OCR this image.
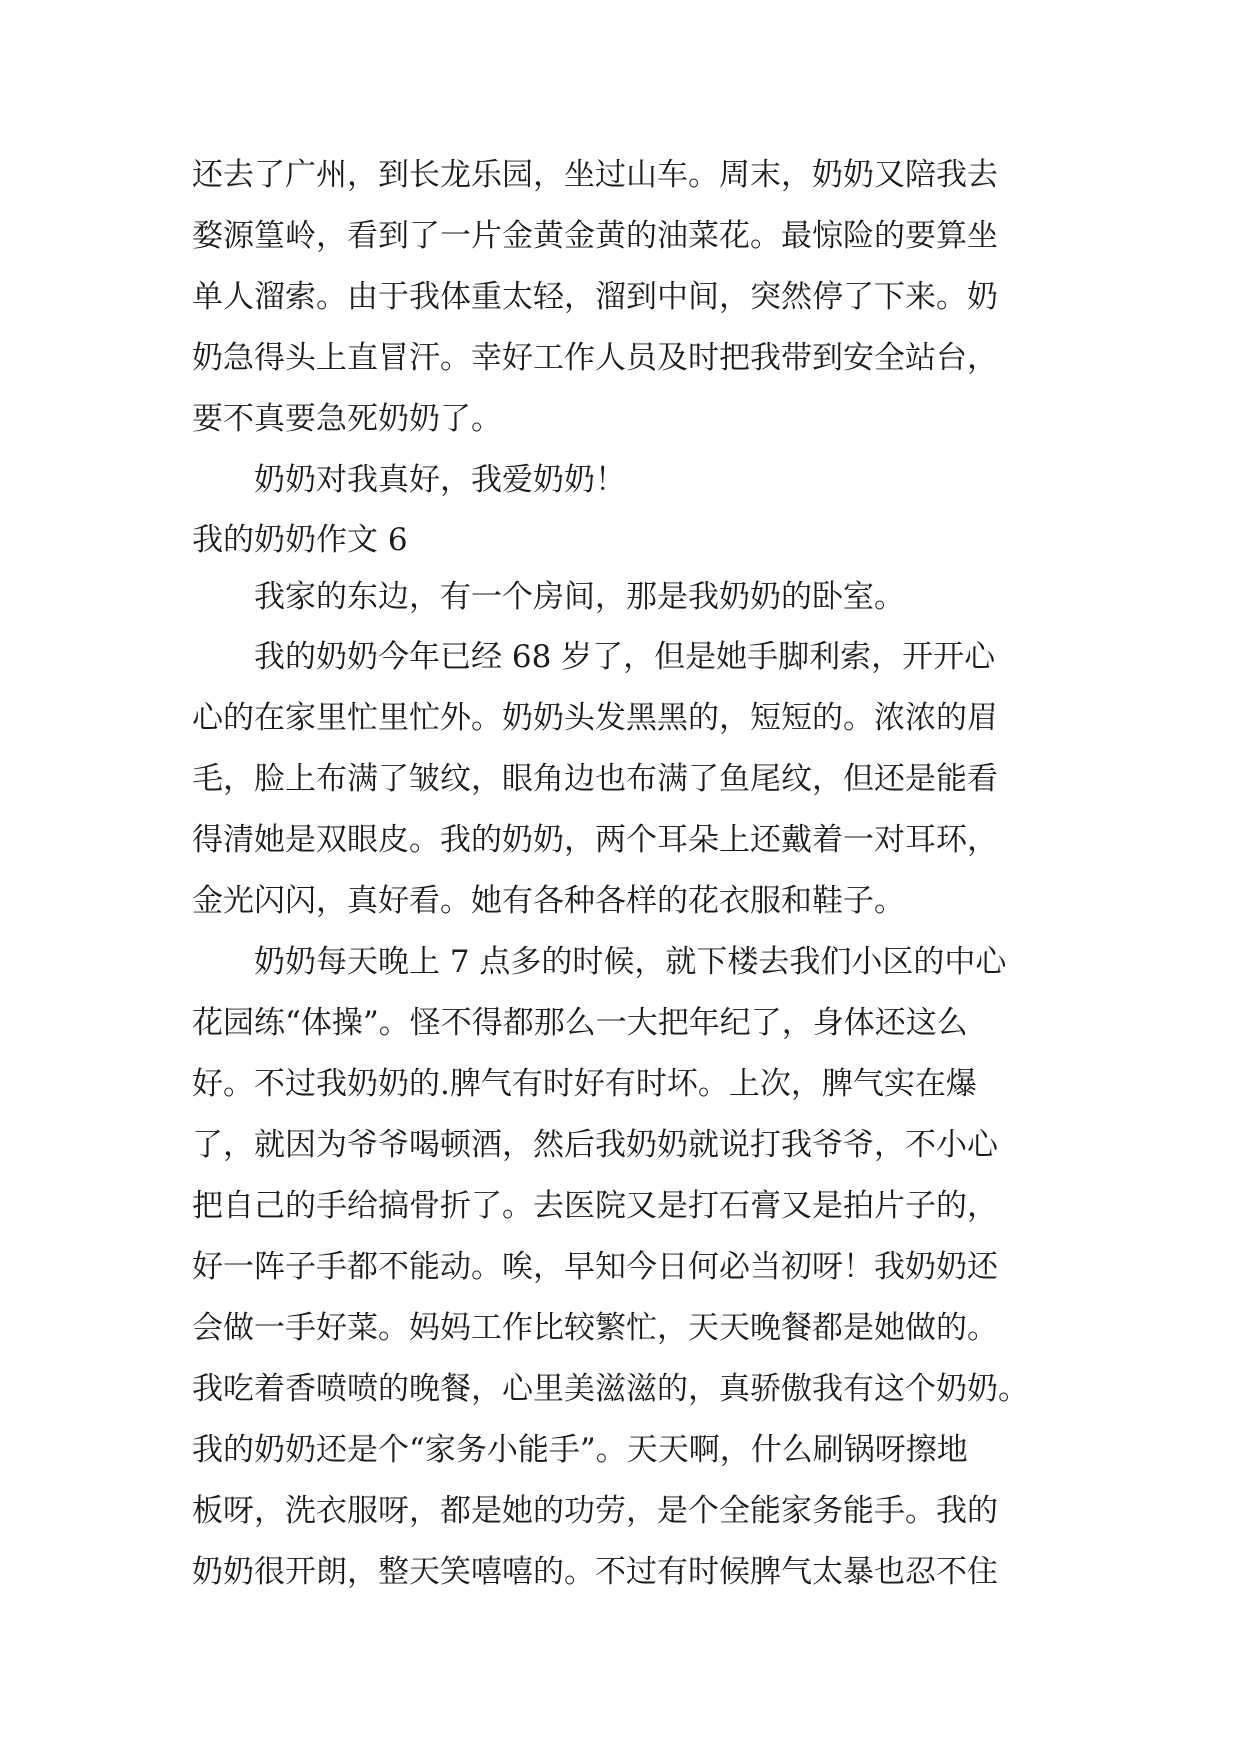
还去了广州，到长龙乐园，坐过山车。周末，奶奶又陪我去
婺源篁岭，看到了一片金黄金黄的油菜花。最惊险的要算坐
单人溜索。由于我体重太轻，溜到中间，突然停了下来。奶
奶急得头上直冒汗。幸好工作人员及时把我带到安全站台，
要不真要急死奶奶了。
奶奶对我真好，我爱奶奶！
我的奶奶作文 6
我家的东边，有一个房间，那是我奶奶的卧室。
我的奶奶今年已经 68 岁了，但是她手脚利索，开开心
心的在家里忙里忙外。奶奶头发黑黑的，短短的。浓浓的眉
毛，脸上布满了皱纹，眼角边也布满了鱼尾纹，但还是能看
得清她是双眼皮。我的奶奶，两个耳朵上还戴着一对耳环，
金光闪闪，真好看。她有各种各样的花衣服和鞋子。
奶奶每天晚上 7 点多的时候，就下楼去我们小区的中心
花园练“体操”。怪不得都那么一大把年纪了，身体还这么
好。不过我奶奶的.脾气有时好有时坏。上次，脾气实在爆
了，就因为爷爷喝顿酒，然后我奶奶就说打我爷爷，不小心
把自己的手给搞骨折了。去医院又是打石膏又是拍片子的，
好一阵子手都不能动。唉，早知今日何必当初呀！我奶奶还
会做一手好菜。妈妈工作比较繁忙，天天晚餐都是她做的。
我吃着香喷喷的晚餐，心里美滋滋的，真骄傲我有这个奶奶。
我的奶奶还是个“家务小能手”。天天啊，什么刷锅呀擦地
板呀，洗衣服呀，都是她的功劳，是个全能家务能手。我的
奶奶很开朗，整天笑嘻嘻的。不过有时候脾气太暴也忍不住
